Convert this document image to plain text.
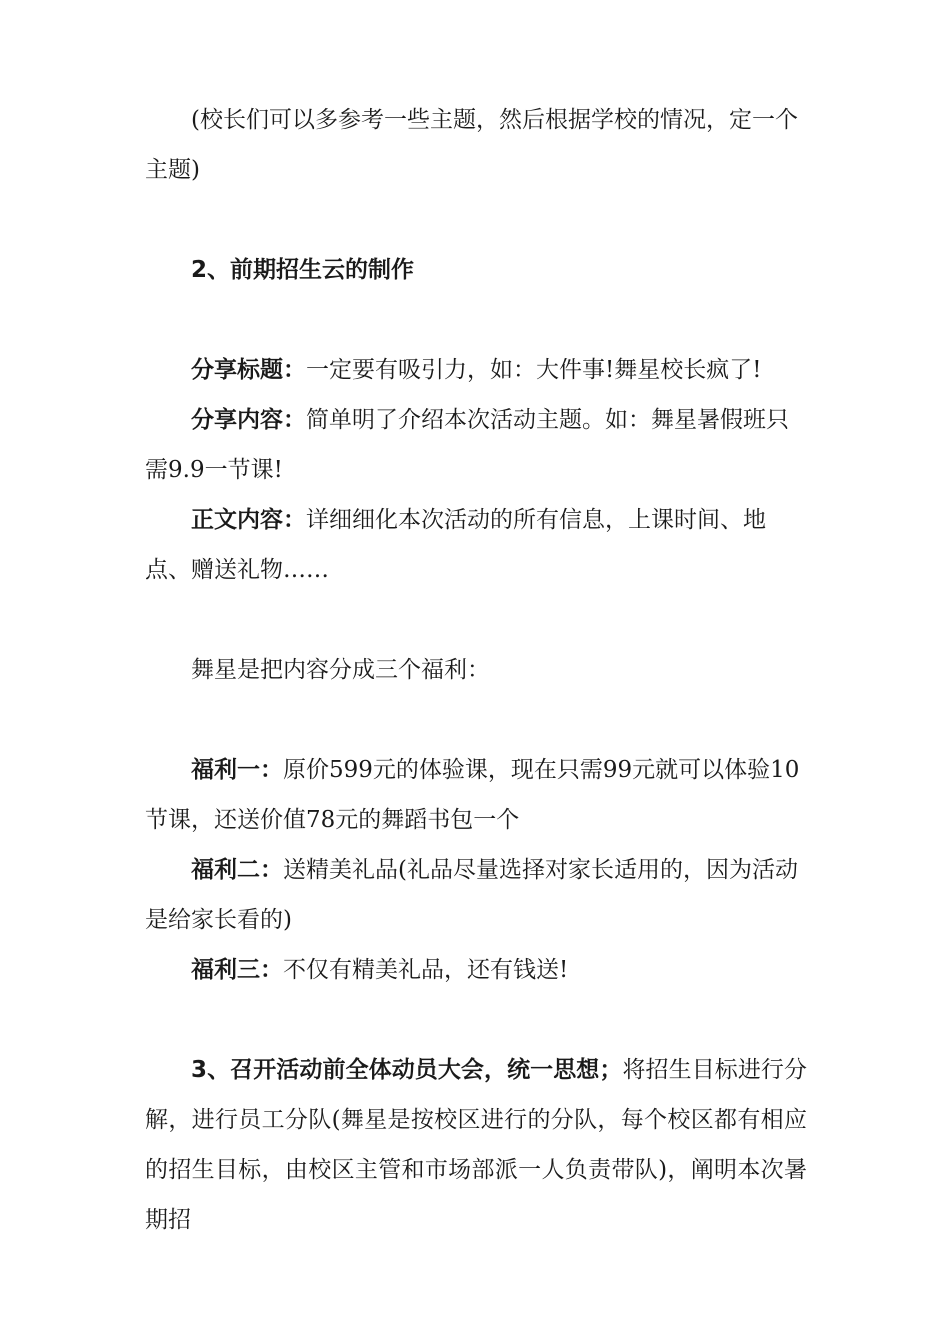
(校长们可以多参考一些主题，然后根据学校的情况，定一个主题)

2、前期招生云的制作

分享标题：一定要有吸引力，如：大件事!舞星校长疯了!

分享内容：简单明了介绍本次活动主题。如：舞星暑假班只需9.9一节课!

正文内容：详细细化本次活动的所有信息，上课时间、地点、赠送礼物……

舞星是把内容分成三个福利：

福利一：原价599元的体验课，现在只需99元就可以体验10节课，还送价值78元的舞蹈书包一个

福利二：送精美礼品(礼品尽量选择对家长适用的，因为活动是给家长看的)

福利三：不仅有精美礼品，还有钱送!

3、召开活动前全体动员大会，统一思想；将招生目标进行分解，进行员工分队(舞星是按校区进行的分队，每个校区都有相应的招生目标，由校区主管和市场部派一人负责带队)，阐明本次暑期招
